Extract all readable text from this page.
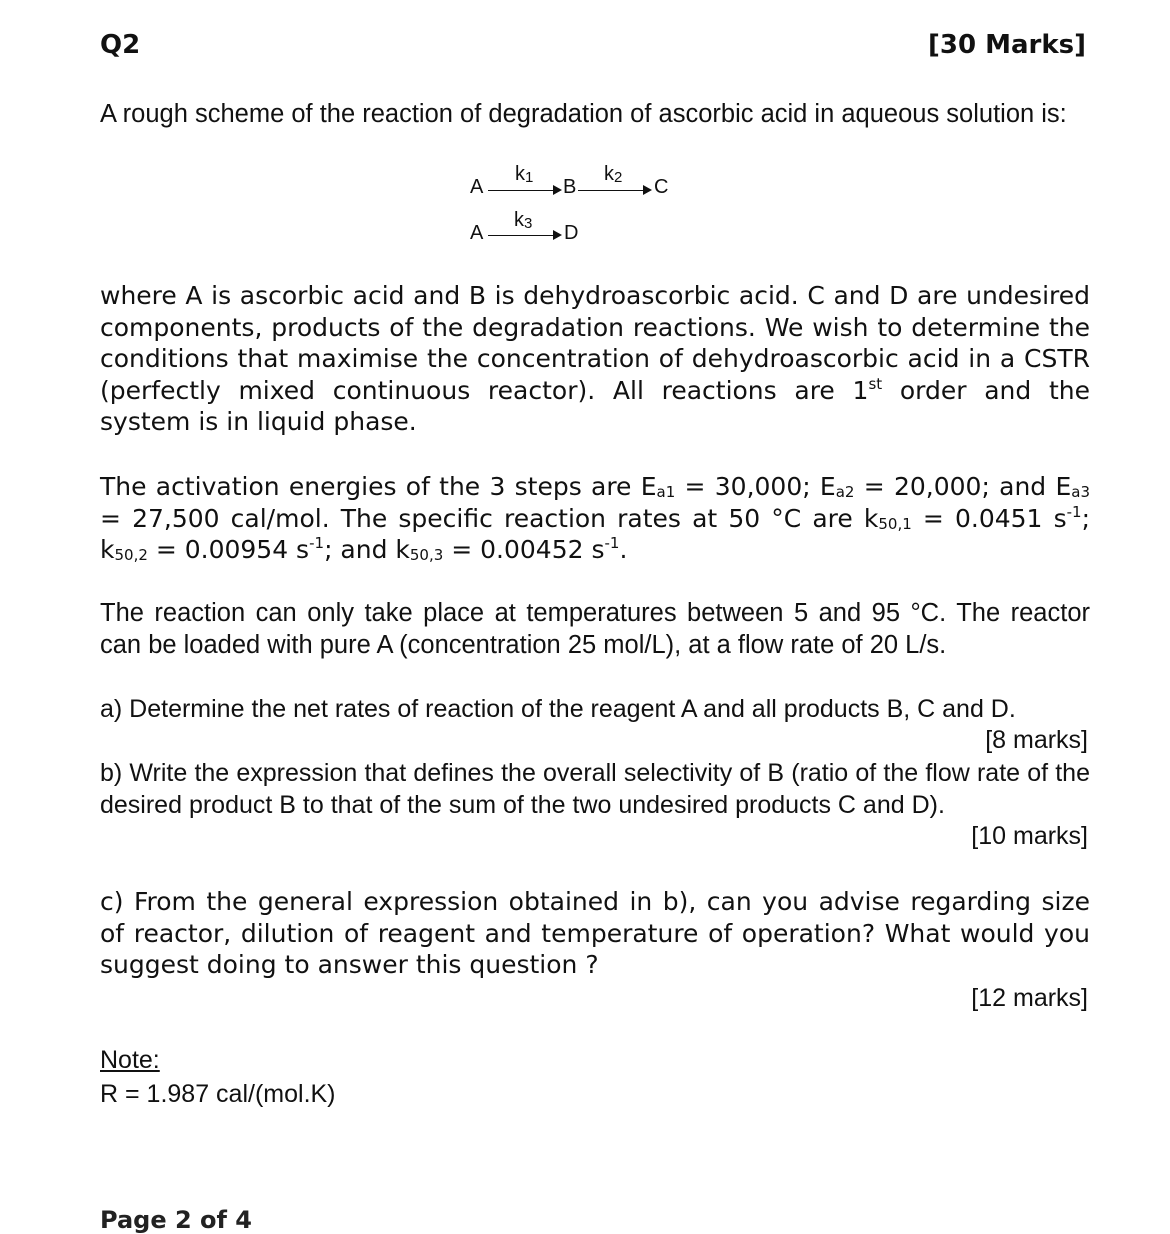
Q2	[30 Marks]
A rough scheme of the reaction of degradation of ascorbic acid in aqueous solution is:
A
$k_1$ B
$k_2$ C
A
$k_3$ D
where A is ascorbic acid and B is dehydroascorbic acid. C and D are undesired components, products of the degradation reactions. We wish to determine the conditions that maximise the concentration of dehydroascorbic acid in a CSTR (perfectly mixed continuous reactor). All reactions are 1st order and the system is in liquid phase.
The activation energies of the 3 steps are $E_{a1} = 30,000$; $E_{a2} = 20,000$; and $E_{a3} = 27,500$ cal/mol. The specific reaction rates at 50 °C are $k_{50,1} = 0.0451$ $s^{-1}$; $k_{50,2} = 0.00954$ $s^{-1}$; and $k_{50,3} = 0.00452$ $s^{-1}$.
The reaction can only take place at temperatures between 5 and 95 °C. The reactor can be loaded with pure A (concentration 25 mol/L), at a flow rate of 20 L/s.
a) Determine the net rates of reaction of the reagent A and all products B, C and D.
[8 marks]
b) Write the expression that defines the overall selectivity of B (ratio of the flow rate of the desired product B to that of the sum of the two undesired products C and D).
[10 marks]
c) From the general expression obtained in b), can you advise regarding size of reactor, dilution of reagent and temperature of operation? What would you suggest doing to answer this question ?
[12 marks]
Note:
R = 1.987 cal/(mol.K)
Page 2 of 4
